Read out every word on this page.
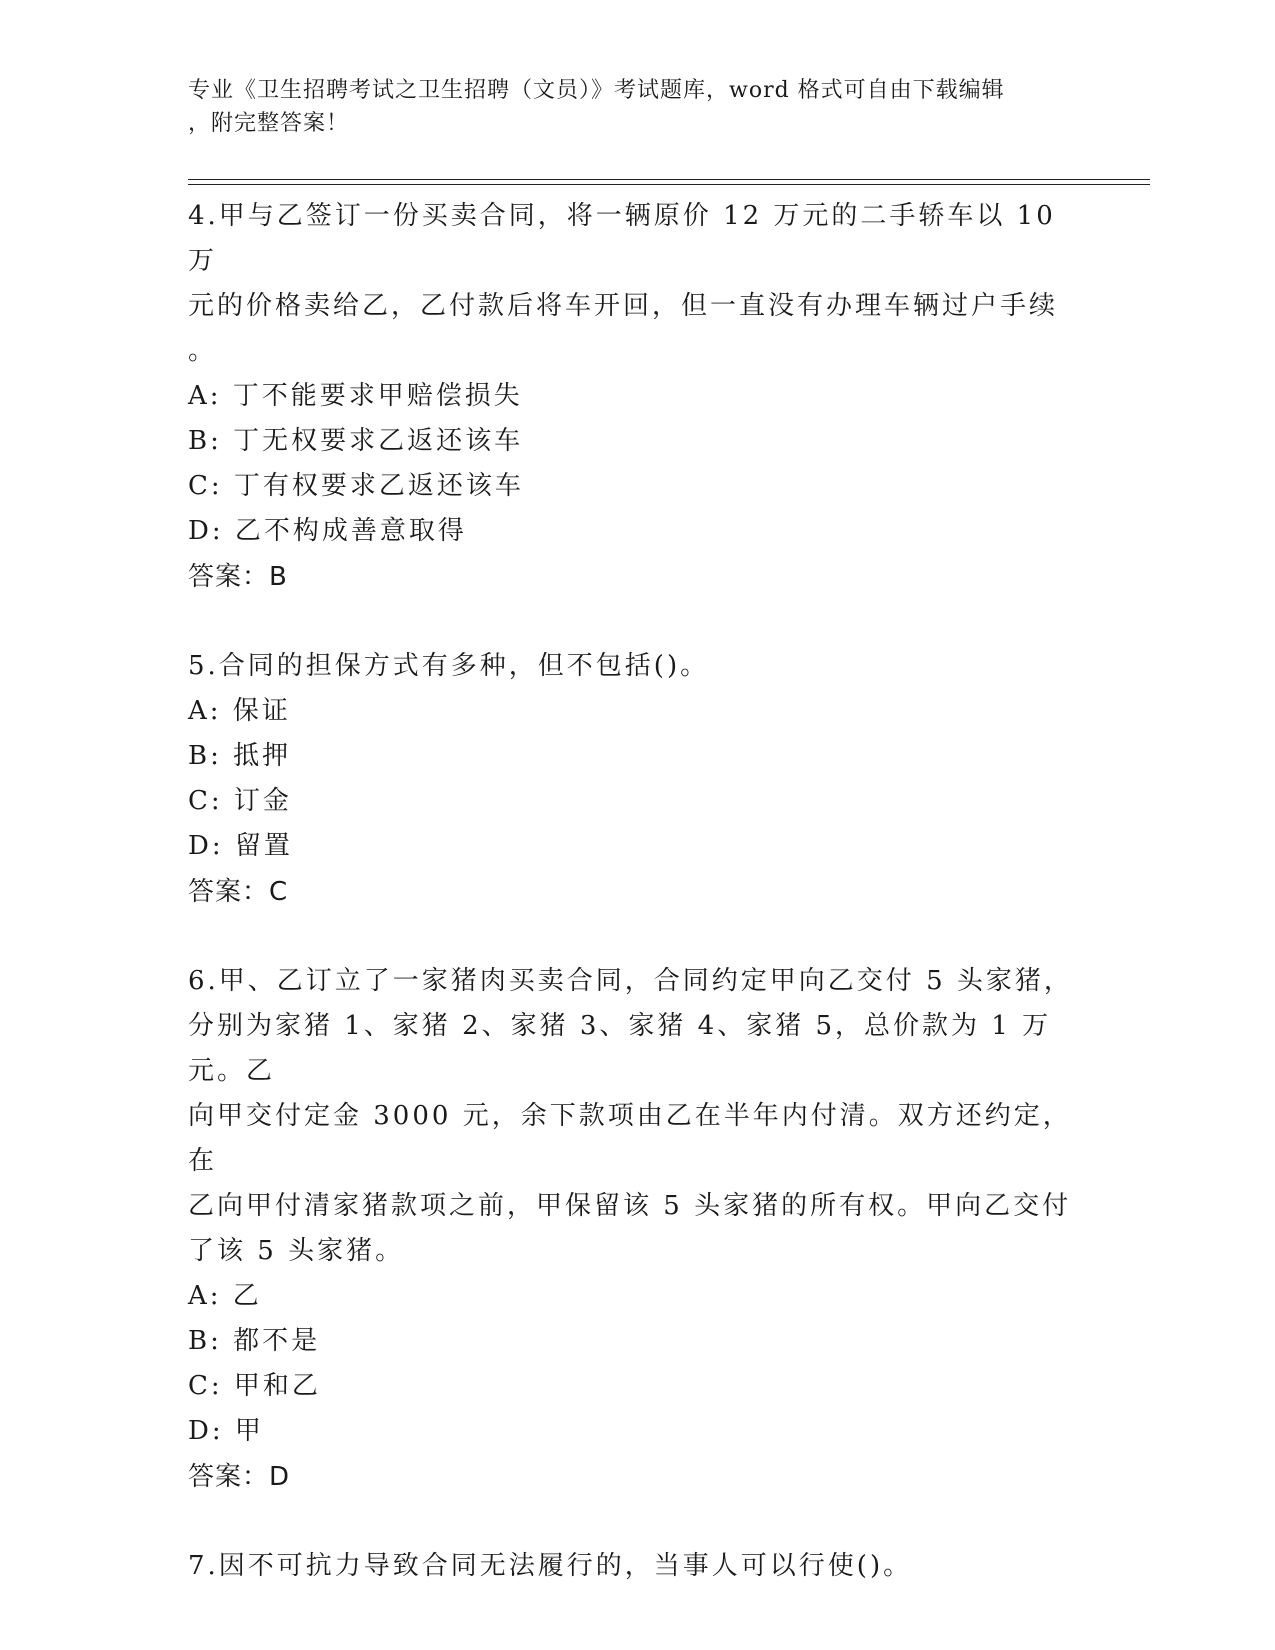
专业《卫生招聘考试之卫生招聘（文员）》考试题库，word 格式可自由下载编辑
，附完整答案！
4.甲与乙签订一份买卖合同，将一辆原价 12 万元的二手轿车以 10 万
元的价格卖给乙，乙付款后将车开回，但一直没有办理车辆过户手续
。
A: 丁不能要求甲赔偿损失
B: 丁无权要求乙返还该车
C: 丁有权要求乙返还该车
D: 乙不构成善意取得
答案：B
5.合同的担保方式有多种，但不包括()。
A: 保证
B: 抵押
C: 订金
D: 留置
答案：C
6.甲、乙订立了一家猪肉买卖合同，合同约定甲向乙交付 5 头家猪，
分别为家猪 1、家猪 2、家猪 3、家猪 4、家猪 5，总价款为 1 万元。乙
向甲交付定金 3000 元，余下款项由乙在半年内付清。双方还约定，在
乙向甲付清家猪款项之前，甲保留该 5 头家猪的所有权。甲向乙交付
了该 5 头家猪。
A: 乙
B: 都不是
C: 甲和乙
D: 甲
答案：D
7.因不可抗力导致合同无法履行的，当事人可以行使()。
